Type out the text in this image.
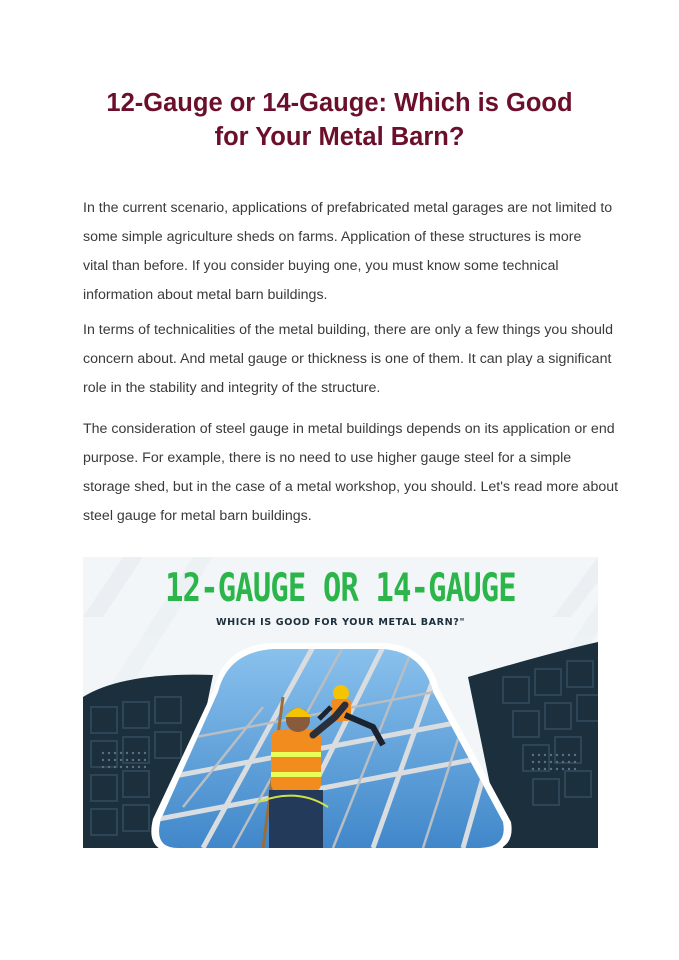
12-Gauge or 14-Gauge: Which is Good
for Your Metal Barn?
In the current scenario, applications of prefabricated metal garages are not limited to
some simple agriculture sheds on farms. Application of these structures is more
vital than before. If you consider buying one, you must know some technical
information about metal barn buildings.
In terms of technicalities of the metal building, there are only a few things you should
concern about. And metal gauge or thickness is one of them. It can play a significant
role in the stability and integrity of the structure.
The consideration of steel gauge in metal buildings depends on its application or end
purpose. For example, there is no need to use higher gauge steel for a simple
storage shed, but in the case of a metal workshop, you should. Let's read more about
steel gauge for metal barn buildings.
12-GAUGE OR 14-GAUGE
WHICH IS GOOD FOR YOUR METAL BARN?"
